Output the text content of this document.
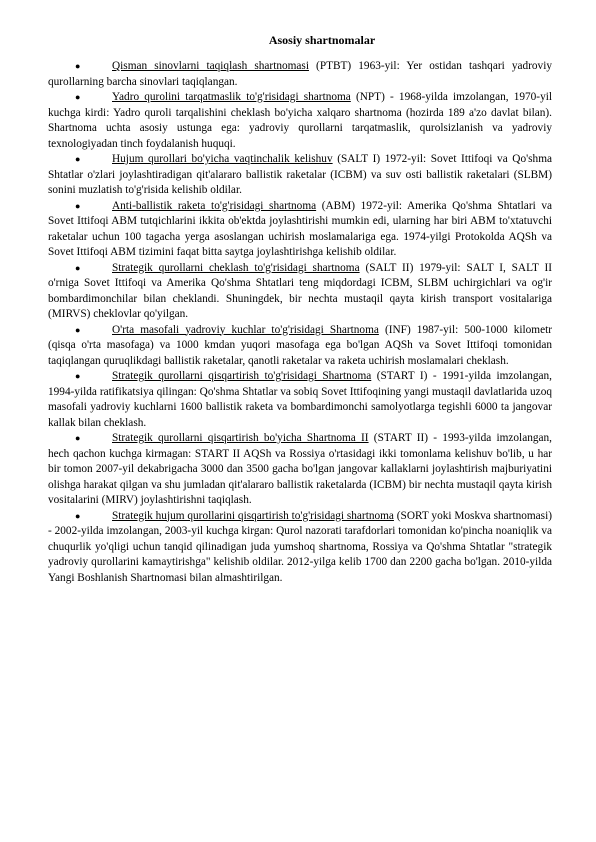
Asosiy shartnomalar
●	Qisman sinovlarni taqiqlash shartnomasi (PTBT) 1963-yil: Yer ostidan tashqari yadroviy qurollarning barcha sinovlari taqiqlangan.
●	Yadro qurolini tarqatmaslik to'g'risidagi shartnoma (NPT) - 1968-yilda imzolangan, 1970-yil kuchga kirdi: Yadro quroli tarqalishini cheklash bo'yicha xalqaro shartnoma (hozirda 189 a'zo davlat bilan). Shartnoma uchta asosiy ustunga ega: yadroviy qurollarni tarqatmaslik, qurolsizlanish va yadroviy texnologiyadan tinch foydalanish huquqi.
●	Hujum qurollari bo'yicha vaqtinchalik kelishuv (SALT I) 1972-yil: Sovet Ittifoqi va Qo'shma Shtatlar o'zlari joylashtiradigan qit'alararo ballistik raketalar (ICBM) va suv osti ballistik raketalari (SLBM) sonini muzlatish to'g'risida kelishib oldilar.
●	Anti-ballistik raketa to'g'risidagi shartnoma (ABM) 1972-yil: Amerika Qo'shma Shtatlari va Sovet Ittifoqi ABM tutqichlarini ikkita ob'ektda joylashtirishi mumkin edi, ularning har biri ABM to'xtatuvchi raketalar uchun 100 tagacha yerga asoslangan uchirish moslamalariga ega. 1974-yilgi Protokolda AQSh va Sovet Ittifoqi ABM tizimini faqat bitta saytga joylashtirishga kelishib oldilar.
●	Strategik qurollarni cheklash to'g'risidagi shartnoma (SALT II) 1979-yil: SALT I, SALT II o'rniga Sovet Ittifoqi va Amerika Qo'shma Shtatlari teng miqdordagi ICBM, SLBM uchirgichlari va og'ir bombardimonchilar bilan cheklandi. Shuningdek, bir nechta mustaqil qayta kirish transport vositalariga (MIRVS) cheklovlar qo'yilgan.
●	O'rta masofali yadroviy kuchlar to'g'risidagi Shartnoma (INF) 1987-yil: 500-1000 kilometr (qisqa o'rta masofaga) va 1000 kmdan yuqori masofaga ega bo'lgan AQSh va Sovet Ittifoqi tomonidan taqiqlangan quruqlikdagi ballistik raketalar, qanotli raketalar va raketa uchirish moslamalari cheklash.
●	Strategik qurollarni qisqartirish to'g'risidagi Shartnoma (START I) - 1991-yilda imzolangan, 1994-yilda ratifikatsiya qilingan: Qo'shma Shtatlar va sobiq Sovet Ittifoqining yangi mustaqil davlatlarida uzoq masofali yadroviy kuchlarni 1600 ballistik raketa va bombardimonchi samolyotlarga tegishli 6000 ta jangovar kallak bilan cheklash.
●	Strategik qurollarni qisqartirish bo'yicha Shartnoma II (START II) - 1993-yilda imzolangan, hech qachon kuchga kirmagan: START II AQSh va Rossiya o'rtasidagi ikki tomonlama kelishuv bo'lib, u har bir tomon 2007-yil dekabrigacha 3000 dan 3500 gacha bo'lgan jangovar kallaklarni joylashtirish majburiyatini olishga harakat qilgan va shu jumladan qit'alararo ballistik raketalarda (ICBM) bir nechta mustaqil qayta kirish vositalarini (MIRV) joylashtirishni taqiqlash.
●	Strategik hujum qurollarini qisqartirish to'g'risidagi shartnoma (SORT yoki Moskva shartnomasi) - 2002-yilda imzolangan, 2003-yil kuchga kirgan: Qurol nazorati tarafdorlari tomonidan ko'pincha noaniqlik va chuqurlik yo'qligi uchun tanqid qilinadigan juda yumshoq shartnoma, Rossiya va Qo'shma Shtatlar "strategik yadroviy qurollarini kamaytirishga" kelishib oldilar. 2012-yilga kelib 1700 dan 2200 gacha bo'lgan. 2010-yilda Yangi Boshlanish Shartnomasi bilan almashtirilgan.
